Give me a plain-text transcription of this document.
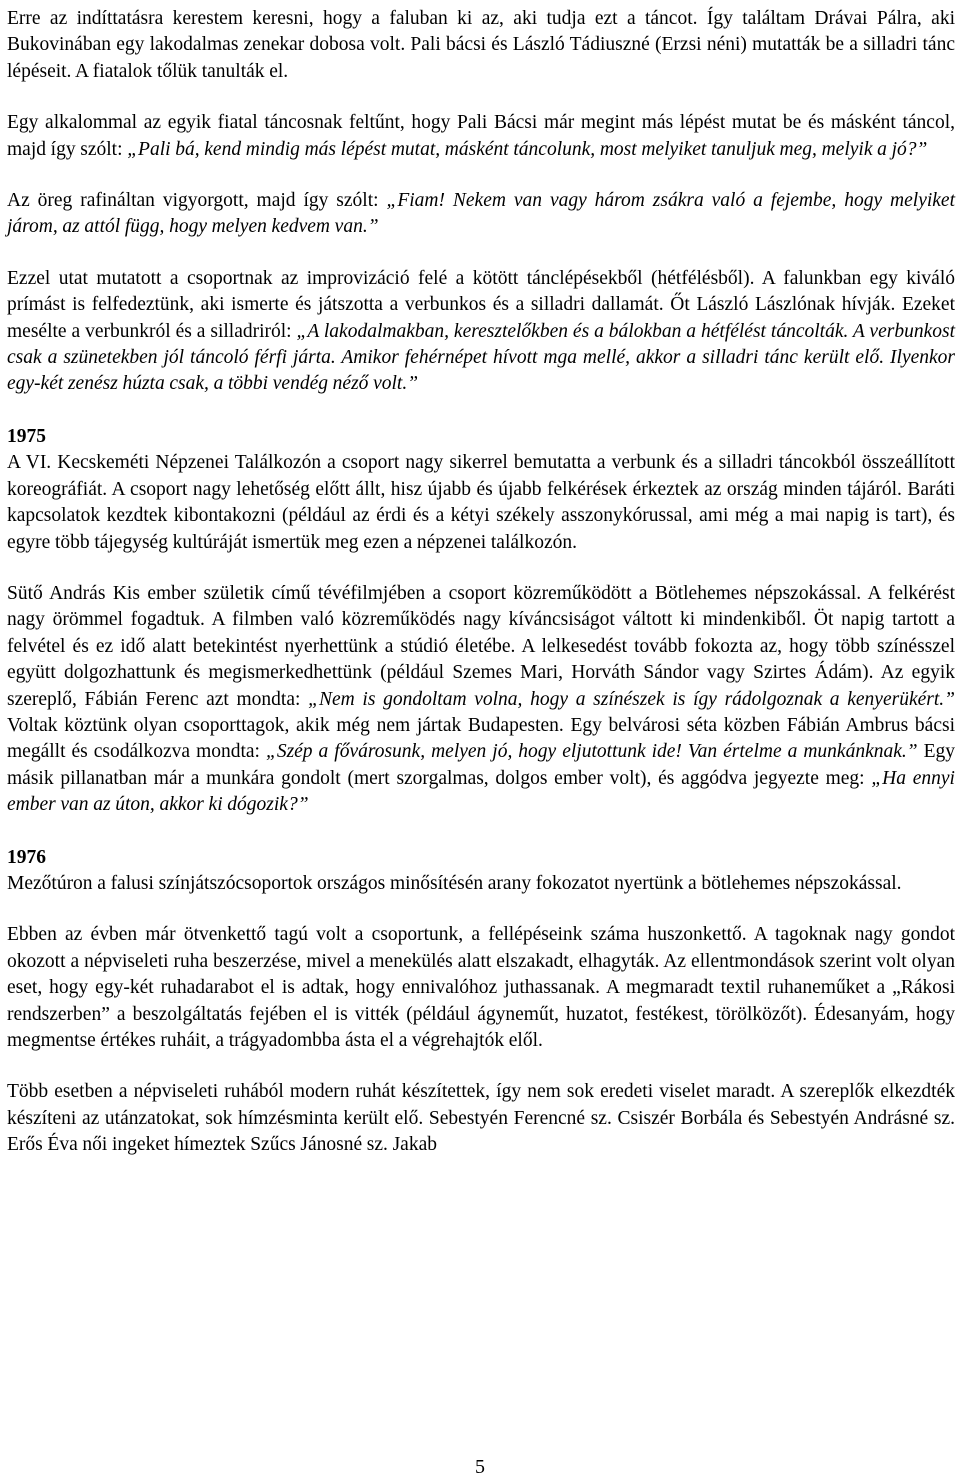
Erre az indíttatásra kerestem keresni, hogy a faluban ki az, aki tudja ezt a táncot. Így találtam Drávai Pálra, aki Bukovinában egy lakodalmas zenekar dobosa volt. Pali bácsi és László Tádiuszné (Erzsi néni) mutatták be a silladri tánc lépéseit. A fiatalok tőlük tanulták el.

Egy alkalommal az egyik fiatal táncosnak feltűnt, hogy Pali Bácsi már megint más lépést mutat be és másként táncol, majd így szólt: „Pali bá, kend mindig más lépést mutat, másként táncolunk, most melyiket tanuljuk meg, melyik a jó?”

Az öreg rafináltan vigyorgott, majd így szólt: „Fiam! Nekem van vagy három zsákra való a fejembe, hogy melyiket járom, az attól függ, hogy melyen kedvem van.”

Ezzel utat mutatott a csoportnak az improvizáció felé a kötött tánclépésekből (hétfélésből). A falunkban egy kiváló prímást is felfedeztünk, aki ismerte és játszotta a verbunkos és a silladri dallamát. Őt László Lászlónak hívják. Ezeket mesélte a verbunkról és a silladriról: „A lakodalmakban, keresztelőkben és a bálokban a hétfélést táncolták. A verbunkost csak a szünetekben jól táncoló férfi járta. Amikor fehérnépet hívott mga mellé, akkor a silladri tánc került elő. Ilyenkor egy-két zenész húzta csak, a többi vendég néző volt.”

1975

A VI. Kecskeméti Népzenei Találkozón a csoport nagy sikerrel bemutatta a verbunk és a silladri táncokból összeállított koreográfiát. A csoport nagy lehetőség előtt állt, hisz újabb és újabb felkérések érkeztek az ország minden tájáról. Baráti kapcsolatok kezdtek kibontakozni (például az érdi és a kétyi székely asszonykórussal, ami még a mai napig is tart), és egyre több tájegység kultúráját ismertük meg ezen a népzenei találkozón.

Sütő András Kis ember születik című tévéfilmjében a csoport közreműködött a Bötlehemes népszokással. A felkérést nagy örömmel fogadtuk. A filmben való közreműködés nagy kíváncsiságot váltott ki mindenkiből. Öt napig tartott a felvétel és ez idő alatt betekintést nyerhettünk a stúdió életébe. A lelkesedést tovább fokozta az, hogy több színésszel együtt dolgozhattunk és megismerkedhettünk (például Szemes Mari, Horváth Sándor vagy Szirtes Ádám). Az egyik szereplő, Fábián Ferenc azt mondta: „Nem is gondoltam volna, hogy a színészek is így rádolgoznak a kenyerükért.” Voltak köztünk olyan csoporttagok, akik még nem jártak Budapesten. Egy belvárosi séta közben Fábián Ambrus bácsi megállt és csodálkozva mondta: „Szép a fővárosunk, melyen jó, hogy eljutottunk ide! Van értelme a munkánknak.” Egy másik pillanatban már a munkára gondolt (mert szorgalmas, dolgos ember volt), és aggódva jegyezte meg: „Ha ennyi ember van az úton, akkor ki dógozik?”

1976

Mezőtúron a falusi színjátszócsoportok országos minősítésén arany fokozatot nyertünk a bötlehemes népszokással.

Ebben az évben már ötvenkettő tagú volt a csoportunk, a fellépéseink száma huszonkettő. A tagoknak nagy gondot okozott a népviseleti ruha beszerzése, mivel a menekülés alatt elszakadt, elhagyták. Az ellentmondások szerint volt olyan eset, hogy egy-két ruhadarabot el is adtak, hogy ennivalóhoz juthassanak. A megmaradt textil ruhaneműket a „Rákosi rendszerben” a beszolgáltatás fejében el is vitték (például ágyneműt, huzatot, festékest, törölközőt). Édesanyám, hogy megmentse értékes ruháit, a trágyadombba ásta el a végrehajtók elől.

Több esetben a népviseleti ruhából modern ruhát készítettek, így nem sok eredeti viselet maradt. A szereplők elkezdték készíteni az utánzatokat, sok hímzésminta került elő. Sebestyén Ferencné sz. Csiszér Borbála és Sebestyén Andrásné sz. Erős Éva női ingeket hímeztek Szűcs Jánosné sz. Jakab

5
